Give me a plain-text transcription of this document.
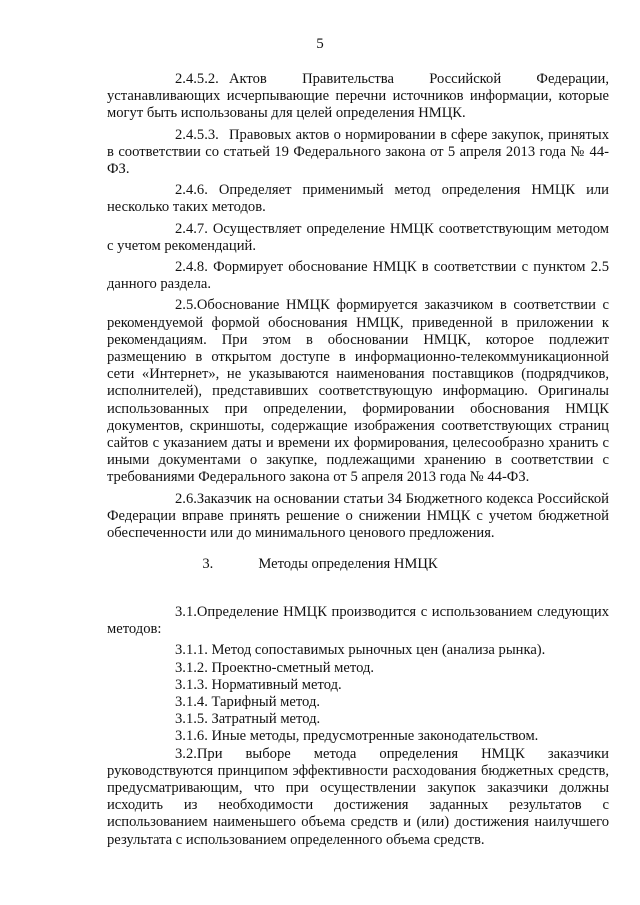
5

2.4.5.2. Актов Правительства Российской Федерации, устанавливающих исчерпывающие перечни источников информации, которые могут быть использованы для целей определения НМЦК.

2.4.5.3. Правовых актов о нормировании в сфере закупок, принятых в соответствии со статьей 19 Федерального закона от 5 апреля 2013 года № 44-ФЗ.

2.4.6. Определяет применимый метод определения НМЦК или несколько таких методов.

2.4.7. Осуществляет определение НМЦК соответствующим методом с учетом рекомендаций.

2.4.8. Формирует обоснование НМЦК в соответствии с пунктом 2.5 данного раздела.

2.5.Обоснование НМЦК формируется заказчиком в соответствии с рекомендуемой формой обоснования НМЦК, приведенной в приложении к рекомендациям. При этом в обосновании НМЦК, которое подлежит размещению в открытом доступе в информационно-телекоммуникационной сети «Интернет», не указываются наименования поставщиков (подрядчиков, исполнителей), представивших соответствующую информацию. Оригиналы использованных при определении, формировании обоснования НМЦК документов, скриншоты, содержащие изображения соответствующих страниц сайтов с указанием даты и времени их формирования, целесообразно хранить с иными документами о закупке, подлежащими хранению в соответствии с требованиями Федерального закона от 5 апреля 2013 года № 44-ФЗ.

2.6.Заказчик на основании статьи 34 Бюджетного кодекса Российской Федерации вправе принять решение о снижении НМЦК с учетом бюджетной обеспеченности или до минимального ценового предложения.

3.	Методы определения НМЦК

3.1.Определение НМЦК производится с использованием следующих методов:

3.1.1. Метод сопоставимых рыночных цен (анализа рынка).

3.1.2. Проектно-сметный метод.

3.1.3. Нормативный метод.

3.1.4. Тарифный метод.

3.1.5. Затратный метод.

3.1.6. Иные методы, предусмотренные законодательством.

3.2.При выборе метода определения НМЦК заказчики руководствуются принципом эффективности расходования бюджетных средств, предусматривающим, что при осуществлении закупок заказчики должны исходить из необходимости достижения заданных результатов с использованием наименьшего объема средств и (или) достижения наилучшего результата с использованием определенного объема средств.
